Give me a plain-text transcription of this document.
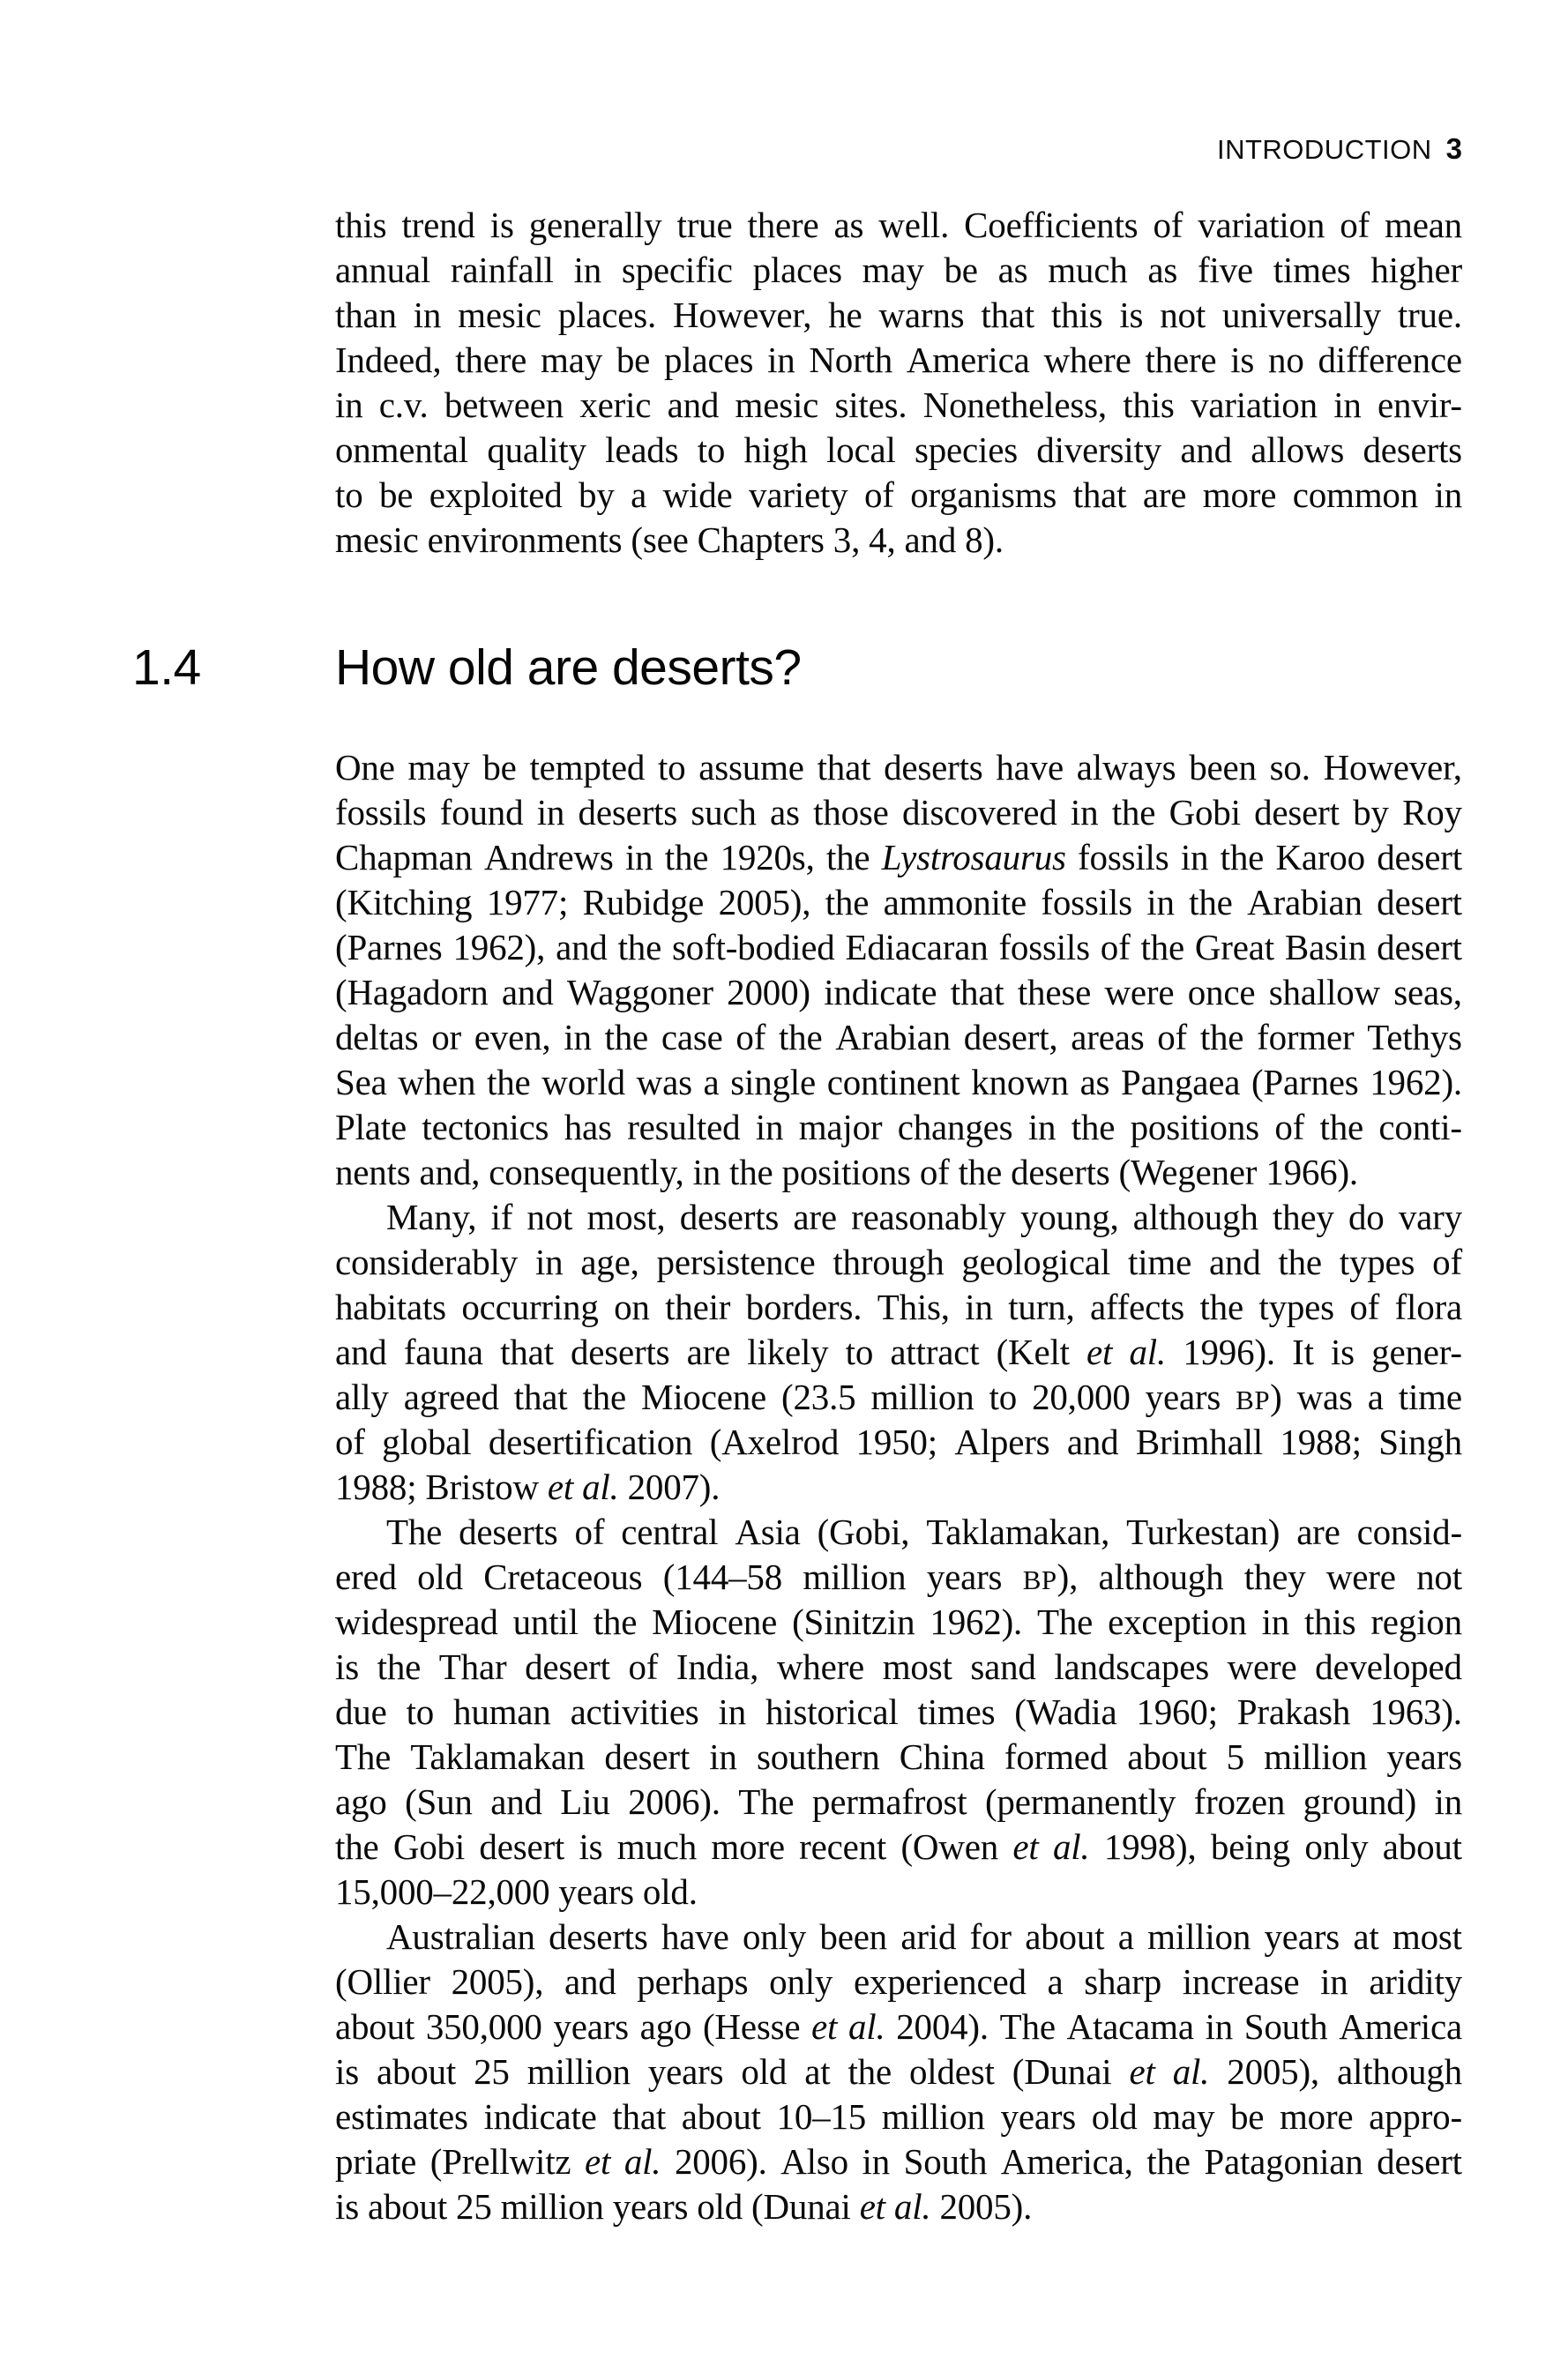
INTRODUCTION 3
1.4	How old are deserts?
this trend is generally true there as well. Coefficients of variation of mean
annual rainfall in specific places may be as much as five times higher
than in mesic places. However, he warns that this is not universally true.
Indeed, there may be places in North America where there is no difference
in c.v. between xeric and mesic sites. Nonetheless, this variation in envir-
onmental quality leads to high local species diversity and allows deserts
to be exploited by a wide variety of organisms that are more common in
mesic environments (see Chapters 3, 4, and 8).
One may be tempted to assume that deserts have always been so. However,
fossils found in deserts such as those discovered in the Gobi desert by Roy
Chapman Andrews in the 1920s, the Lystrosaurus fossils in the Karoo desert
(Kitching 1977; Rubidge 2005), the ammonite fossils in the Arabian desert
(Parnes 1962), and the soft-bodied Ediacaran fossils of the Great Basin desert
(Hagadorn and Waggoner 2000) indicate that these were once shallow seas,
deltas or even, in the case of the Arabian desert, areas of the former Tethys
Sea when the world was a single continent known as Pangaea (Parnes 1962).
Plate tectonics has resulted in major changes in the positions of the conti-
nents and, consequently, in the positions of the deserts (Wegener 1966).
Many, if not most, deserts are reasonably young, although they do vary
considerably in age, persistence through geological time and the types of
habitats occurring on their borders. This, in turn, affects the types of flora
and fauna that deserts are likely to attract (Kelt et al. 1996). It is gener-
ally agreed that the Miocene (23.5 million to 20,000 years BP) was a time
of global desertification (Axelrod 1950; Alpers and Brimhall 1988; Singh
1988; Bristow et al. 2007).
The deserts of central Asia (Gobi, Taklamakan, Turkestan) are consid-
ered old Cretaceous (144–58 million years BP), although they were not
widespread until the Miocene (Sinitzin 1962). The exception in this region
is the Thar desert of India, where most sand landscapes were developed
due to human activities in historical times (Wadia 1960; Prakash 1963).
The Taklamakan desert in southern China formed about 5 million years
ago (Sun and Liu 2006). The permafrost (permanently frozen ground) in
the Gobi desert is much more recent (Owen et al. 1998), being only about
15,000–22,000 years old.
Australian deserts have only been arid for about a million years at most
(Ollier 2005), and perhaps only experienced a sharp increase in aridity
about 350,000 years ago (Hesse et al. 2004). The Atacama in South America
is about 25 million years old at the oldest (Dunai et al. 2005), although
estimates indicate that about 10–15 million years old may be more appro-
priate (Prellwitz et al. 2006). Also in South America, the Patagonian desert
is about 25 million years old (Dunai et al. 2005).
